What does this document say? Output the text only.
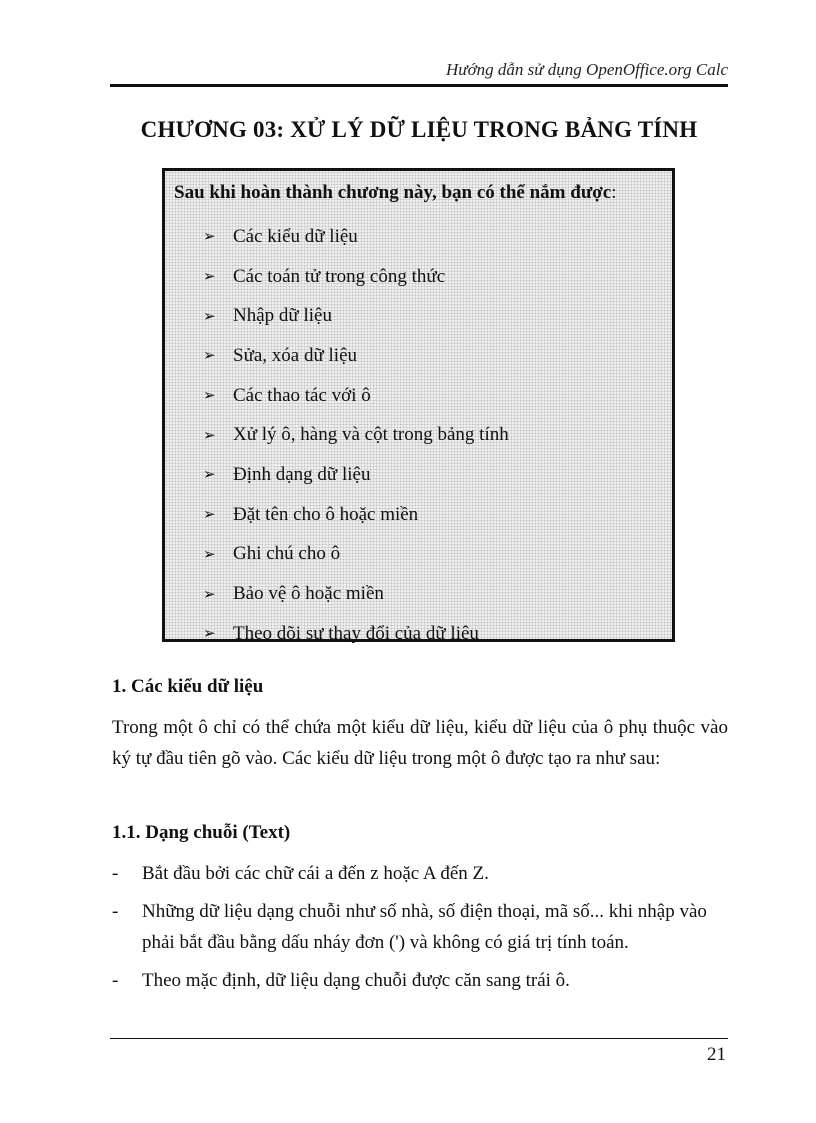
Hướng dẫn sử dụng OpenOffice.org Calc
CHƯƠNG 03: XỬ LÝ DỮ LIỆU TRONG BẢNG TÍNH
Sau khi hoàn thành chương này, bạn có thể nắm được:
➢ Các kiểu dữ liệu
➢ Các toán tử trong công thức
➢ Nhập dữ liệu
➢ Sửa, xóa dữ liệu
➢ Các thao tác với ô
➢ Xử lý ô, hàng và cột trong bảng tính
➢ Định dạng dữ liệu
➢ Đặt tên cho ô hoặc miền
➢ Ghi chú cho ô
➢ Bảo vệ ô hoặc miền
➢ Theo dõi sự thay đổi của dữ liệu
1. Các kiểu dữ liệu

Trong một ô chỉ có thể chứa một kiểu dữ liệu, kiểu dữ liệu của ô phụ thuộc vào ký tự đầu tiên gõ vào. Các kiểu dữ liệu trong một ô được tạo ra như sau:

1.1. Dạng chuỗi (Text)
- Bắt đầu bởi các chữ cái a đến z hoặc A đến Z.
- Những dữ liệu dạng chuỗi như số nhà, số điện thoại, mã số... khi nhập vào phải bắt đầu bằng dấu nháy đơn (') và không có giá trị tính toán.
- Theo mặc định, dữ liệu dạng chuỗi được căn sang trái ô.
21
